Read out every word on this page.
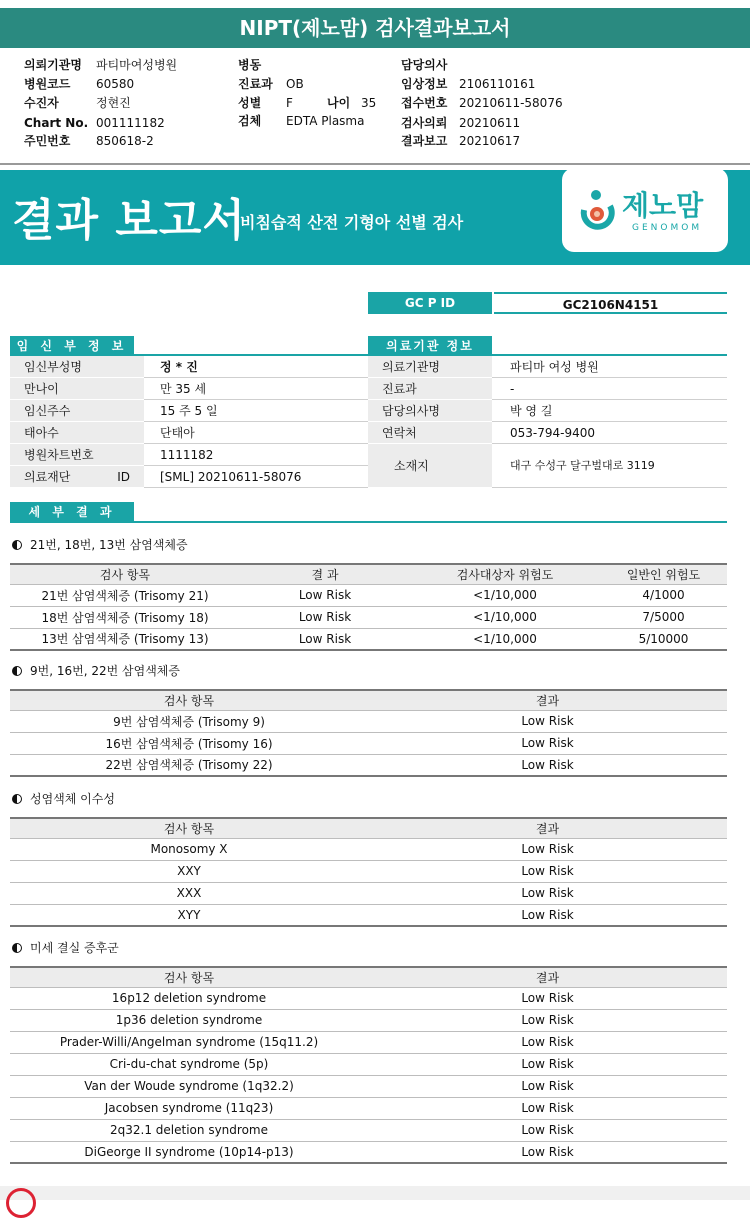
NIPT(제노맘) 검사결과보고서
의뢰기관명 파티마여성병원
병원코드 60580
수진자	정현진
Chart No. 001111182
주민번호 850618-2
병동
진료과 OB
성별 F
검체 EDTA Plasma
나이 35
담당의사
임상정보 2106110161
접수번호 20210611-58076
검사의뢰 20210611
결과보고 20210617
결과 보고서
비침습적 산전 기형아 선별 검사
제노맘
GENOMOM
GC P ID	GC2106N4151
임 신 부 정 보
임신부성명	정 * 진
만나이	만 35 세
임신주수	15 주 5 일
태아수	단태아
병원차트번호	1111182
의료재단 ID	[SML] 20210611-58076
의료기관 정보
의료기관명	파티마 여성 병원
진료과	-
담당의사명	박 영 길
연락처	053-794-9400
소재지	대구 수성구 달구벌대로 3119
세 부 결 과
21번, 18번, 13번 삼염색체증
검사 항목	결 과	검사대상자 위험도	일반인 위험도
21번 삼염색체증 (Trisomy 21)	Low Risk	<1/10,000	4/1000
18번 삼염색체증 (Trisomy 18)	Low Risk	<1/10,000	7/5000
13번 삼염색체증 (Trisomy 13)	Low Risk	<1/10,000	5/10000
9번, 16번, 22번 삼염색체증
검사 항목	결과
9번 삼염색체증 (Trisomy 9)	Low Risk
16번 삼염색체증 (Trisomy 16)	Low Risk
22번 삼염색체증 (Trisomy 22)	Low Risk
성염색체 이수성
검사 항목	결과
Monosomy X	Low Risk
XXY	Low Risk
XXX	Low Risk
XYY	Low Risk
미세 결실 증후군
검사 항목	결과
16p12 deletion syndrome	Low Risk
1p36 deletion syndrome	Low Risk
Prader-Willi/Angelman syndrome (15q11.2)	Low Risk
Cri-du-chat syndrome (5p)	Low Risk
Van der Woude syndrome (1q32.2)	Low Risk
Jacobsen syndrome (11q23)	Low Risk
2q32.1 deletion syndrome	Low Risk
DiGeorge II syndrome (10p14-p13)	Low Risk
